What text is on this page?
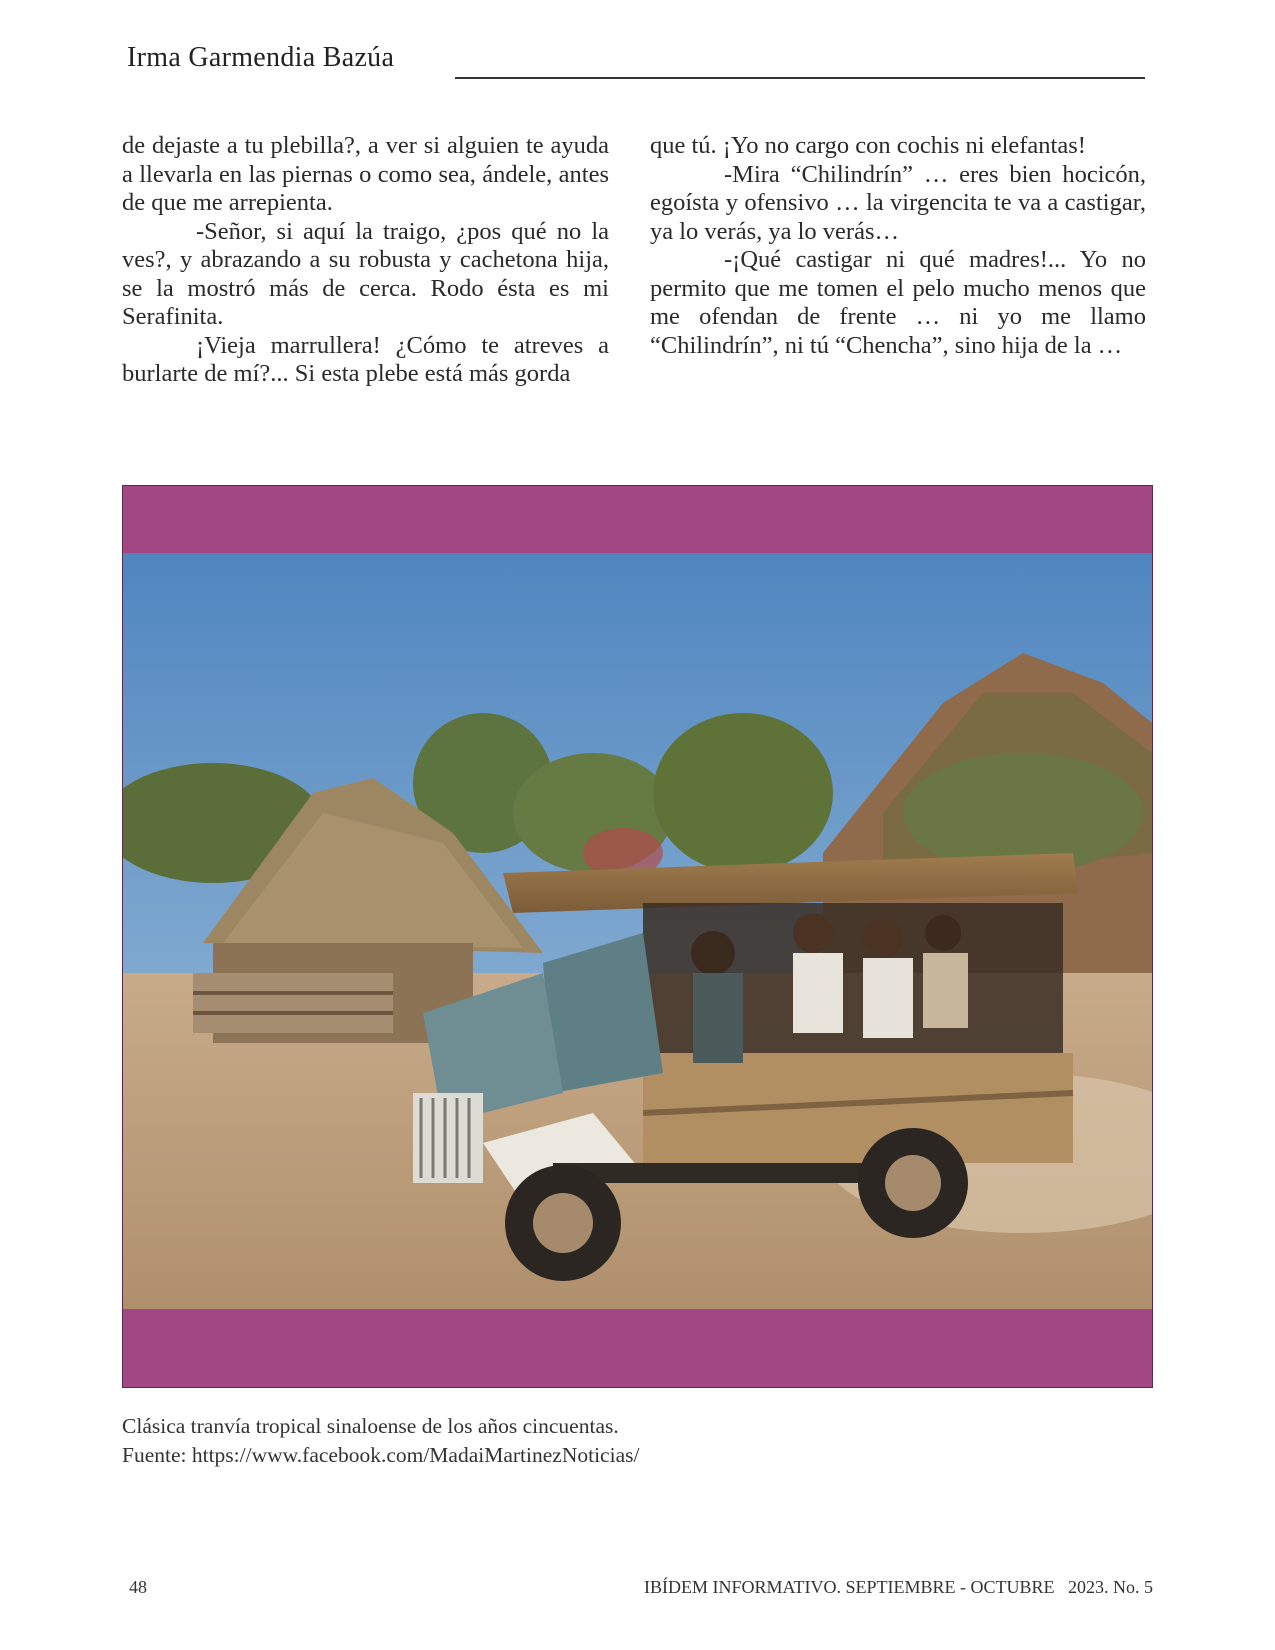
Irma Garmendia Bazúa

de dejaste a tu plebilla?, a ver si alguien te ayuda a llevarla en las piernas o como sea, ándele, antes de que me arrepienta.

-Señor, si aquí la traigo, ¿pos qué no la ves?, y abrazando a su robusta y cachetona hija, se la mostró más de cerca. Rodo ésta es mi Serafinita.

¡Vieja marrullera! ¿Cómo te atreves a burlarte de mí?... Si esta plebe está más gorda

que tú. ¡Yo no cargo con cochis ni elefantas!

-Mira “Chilindrín” … eres bien hocicón, egoísta y ofensivo … la virgencita te va a castigar, ya lo verás, ya lo verás…

-¡Qué castigar ni qué madres!... Yo no permito que me tomen el pelo mucho menos que me ofendan de frente … ni yo me llamo “Chilindrín”, ni tú “Chencha”, sino hija de la …

Clásica tranvía tropical sinaloense de los años cincuentas.
Fuente: https://www.facebook.com/MadaiMartinezNoticias/
48	IBÍDEM INFORMATIVO. SEPTIEMBRE - OCTUBRE   2023. No. 5
